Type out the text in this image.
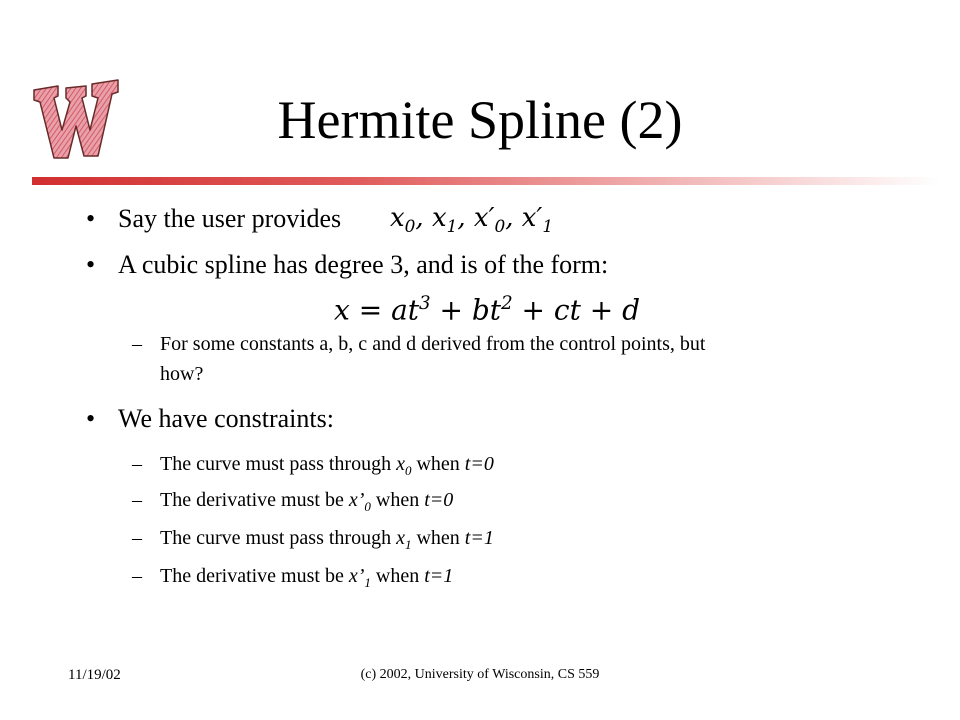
Hermite Spline (2)
• Say the user provides $x_0$, $x_1$, $x'_0$, $x'_1$
• A cubic spline has degree 3, and is of the form:
$x = at^3 + bt^2$ + ct + d
– For some constants a, b, c and d derived from the control points, but
how?
• We have constraints:
– The curve must pass through $x_0$ when t=0
– The derivative must be $x’_0$ when t=0
– The curve must pass through $x_1$ when t=1
– The derivative must be $x’_1$ when t=1
11/19/02	(c) 2002, University of Wisconsin, CS 559
